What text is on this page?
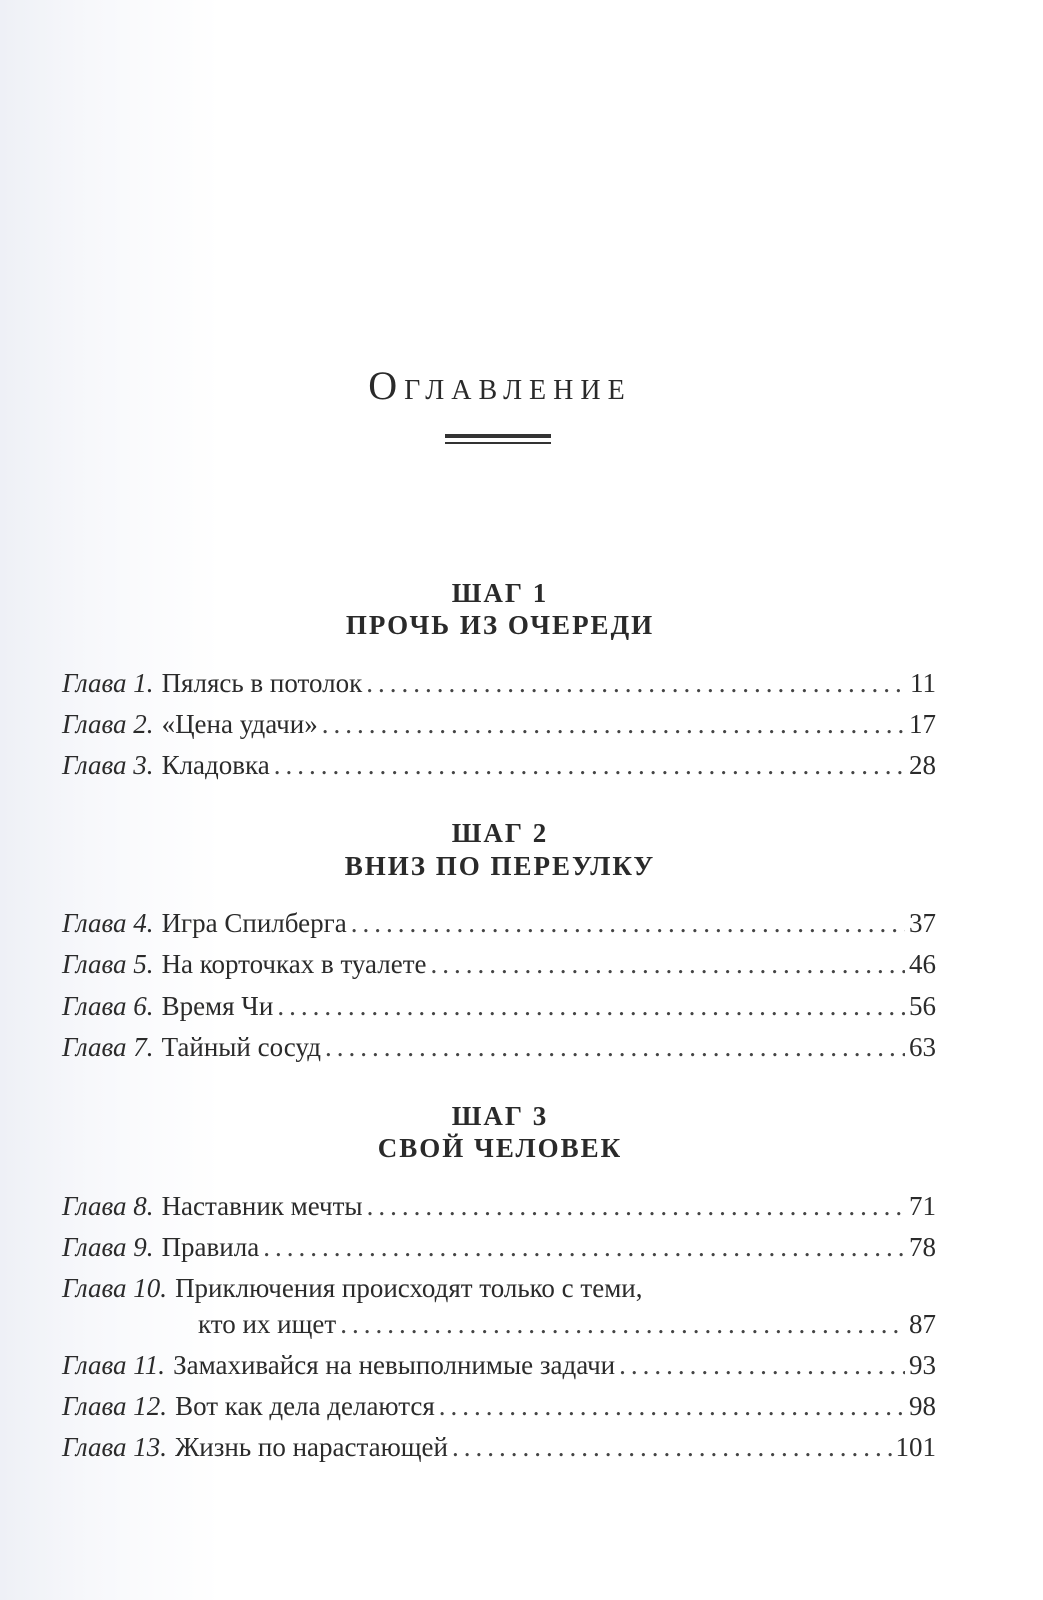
Оглавление
ШАГ 1
ПРОЧЬ ИЗ ОЧЕРЕДИ
Глава 1. Пялясь в потолок .....	11
Глава 2. «Цена удачи» .....	17
Глава 3. Кладовка .....	28
ШАГ 2
ВНИЗ ПО ПЕРЕУЛКУ
Глава 4. Игра Спилберга .....	37
Глава 5. На корточках в туалете .....	46
Глава 6. Время Чи .....	56
Глава 7. Тайный сосуд .....	63
ШАГ 3
СВОЙ ЧЕЛОВЕК
Глава 8. Наставник мечты .....	71
Глава 9. Правила .....	78
Глава 10. Приключения происходят только с теми,
кто их ищет .....	87
Глава 11. Замахивайся на невыполнимые задачи .....	93
Глава 12. Вот как дела делаются .....	98
Глава 13. Жизнь по нарастающей .....	101
